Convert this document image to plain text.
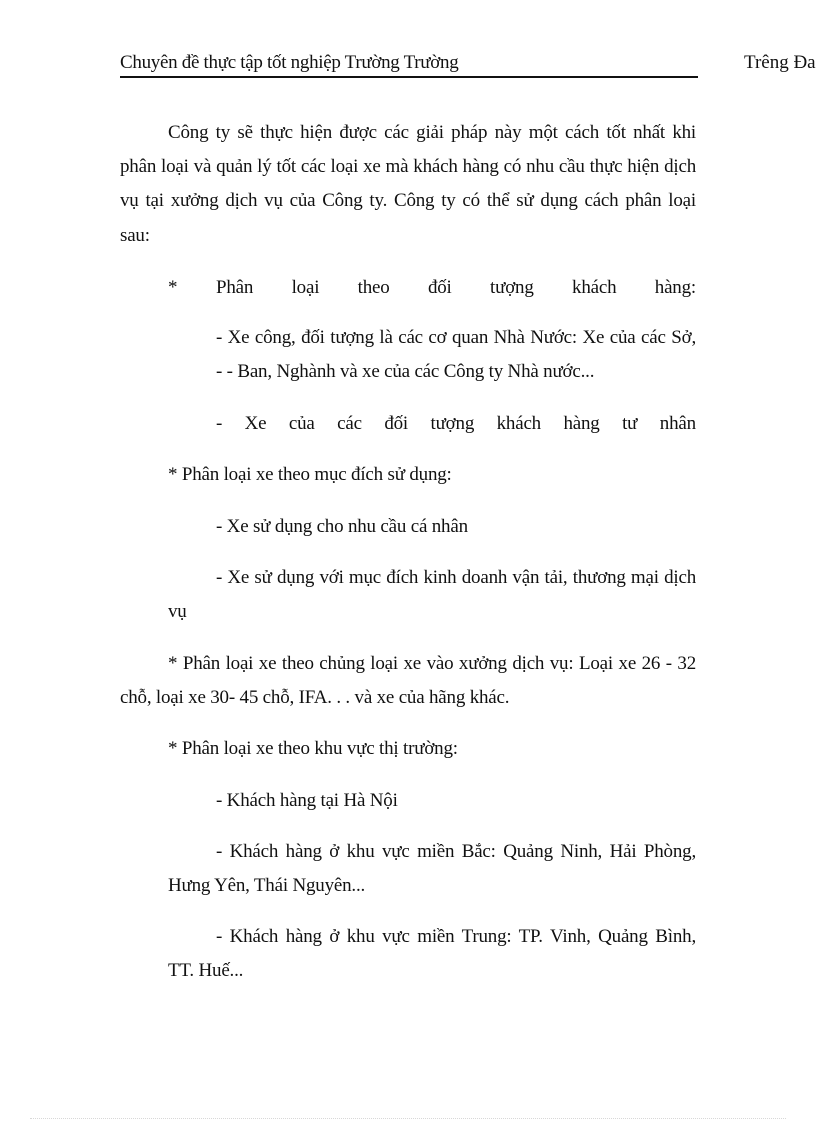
Chuyên đề thực tập tốt nghiệp Trường Trường	Trêng Đa
Công ty sẽ thực hiện được các giải pháp này một cách tốt nhất khi
phân loại và quản lý tốt các loại xe mà khách hàng có nhu cầu thực hiện dịch
vụ tại xưởng dịch vụ của Công ty. Công ty có thể sử dụng cách phân loại
sau:
* Phân loại theo đối tượng khách hàng:
- Xe công, đối tượng là các cơ quan Nhà Nước: Xe của các Sở,
- - Ban, Nghành và xe của các Công ty Nhà nước...
- Xe của các đối tượng khách hàng tư nhân
* Phân loại xe theo mục đích sử dụng:
- Xe sử dụng cho nhu cầu cá nhân
- Xe sử dụng với mục đích kinh doanh vận tải, thương mại dịch
vụ
* Phân loại xe theo chủng loại xe vào xưởng dịch vụ: Loại xe 26 - 32
chỗ, loại xe 30- 45 chỗ, IFA. . . và xe của hãng khác.
* Phân loại xe theo khu vực thị trường:
- Khách hàng tại Hà Nội
- Khách hàng ở khu vực miền Bắc: Quảng Ninh, Hải Phòng,
Hưng Yên, Thái Nguyên...
- Khách hàng ở khu vực miền Trung: TP. Vinh, Quảng Bình,
TT. Huế...
